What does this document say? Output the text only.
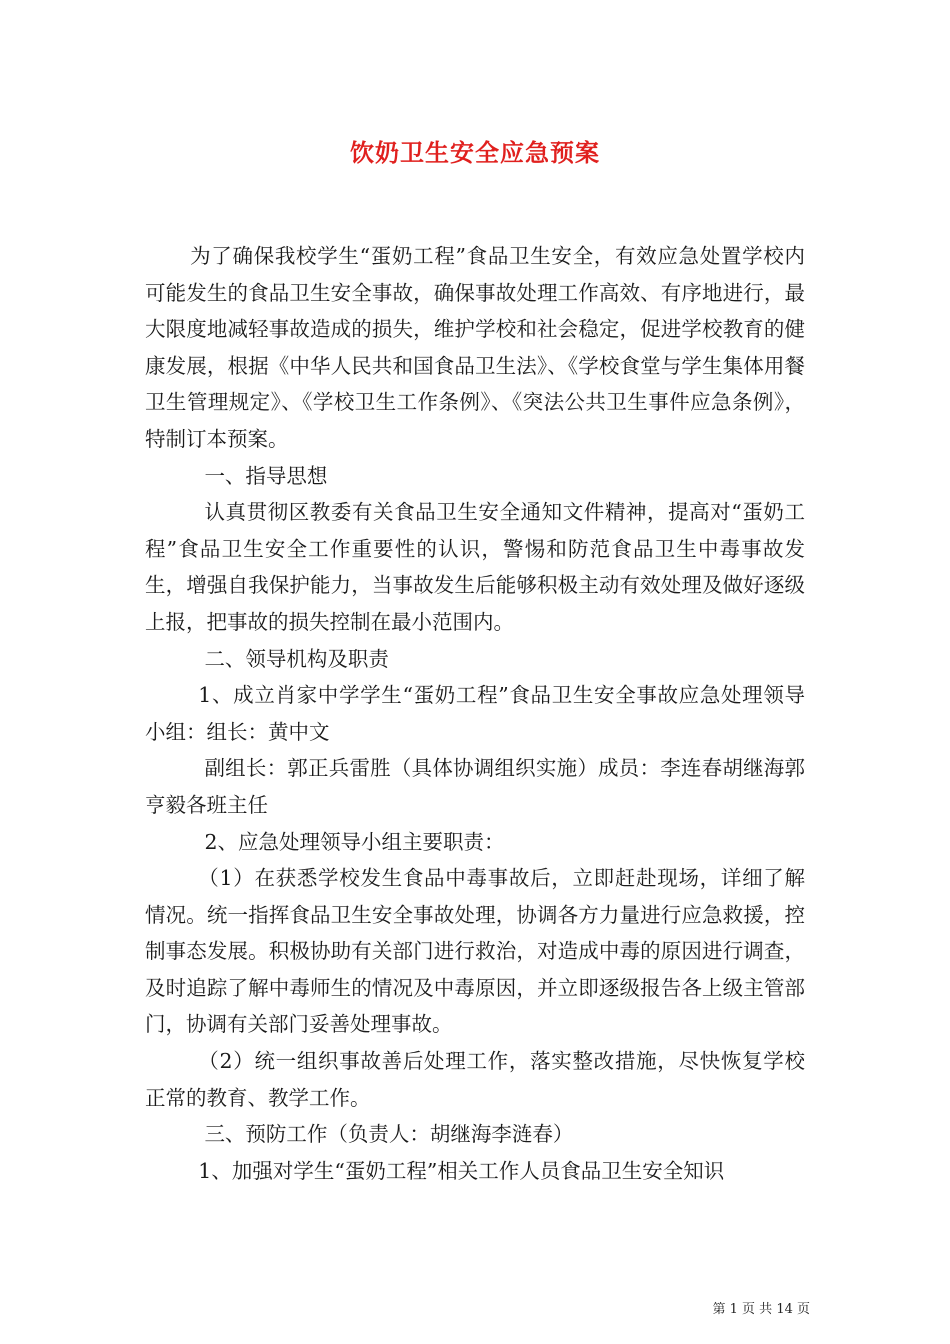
饮奶卫生安全应急预案

为了确保我校学生“蛋奶工程”食品卫生安全，有效应急处置学校内可能发生的食品卫生安全事故，确保事故处理工作高效、有序地进行，最大限度地减轻事故造成的损失，维护学校和社会稳定，促进学校教育的健康发展，根据《中华人民共和国食品卫生法》、《学校食堂与学生集体用餐卫生管理规定》、《学校卫生工作条例》、《突法公共卫生事件应急条例》，特制订本预案。

一、指导思想

认真贯彻区教委有关食品卫生安全通知文件精神，提高对“蛋奶工程”食品卫生安全工作重要性的认识，警惕和防范食品卫生中毒事故发生，增强自我保护能力，当事故发生后能够积极主动有效处理及做好逐级上报，把事故的损失控制在最小范围内。

二、领导机构及职责

1、成立肖家中学学生“蛋奶工程”食品卫生安全事故应急处理领导小组：组长：黄中文

副组长：郭正兵雷胜（具体协调组织实施）成员：李连春胡继海郭亨毅各班主任

2、应急处理领导小组主要职责：

（1）在获悉学校发生食品中毒事故后，立即赶赴现场，详细了解情况。统一指挥食品卫生安全事故处理，协调各方力量进行应急救援，控制事态发展。积极协助有关部门进行救治，对造成中毒的原因进行调查，及时追踪了解中毒师生的情况及中毒原因，并立即逐级报告各上级主管部门，协调有关部门妥善处理事故。

（2）统一组织事故善后处理工作，落实整改措施，尽快恢复学校正常的教育、教学工作。

三、预防工作（负责人：胡继海李涟春）

1、加强对学生“蛋奶工程”相关工作人员食品卫生安全知识

第 1 页 共 14 页
